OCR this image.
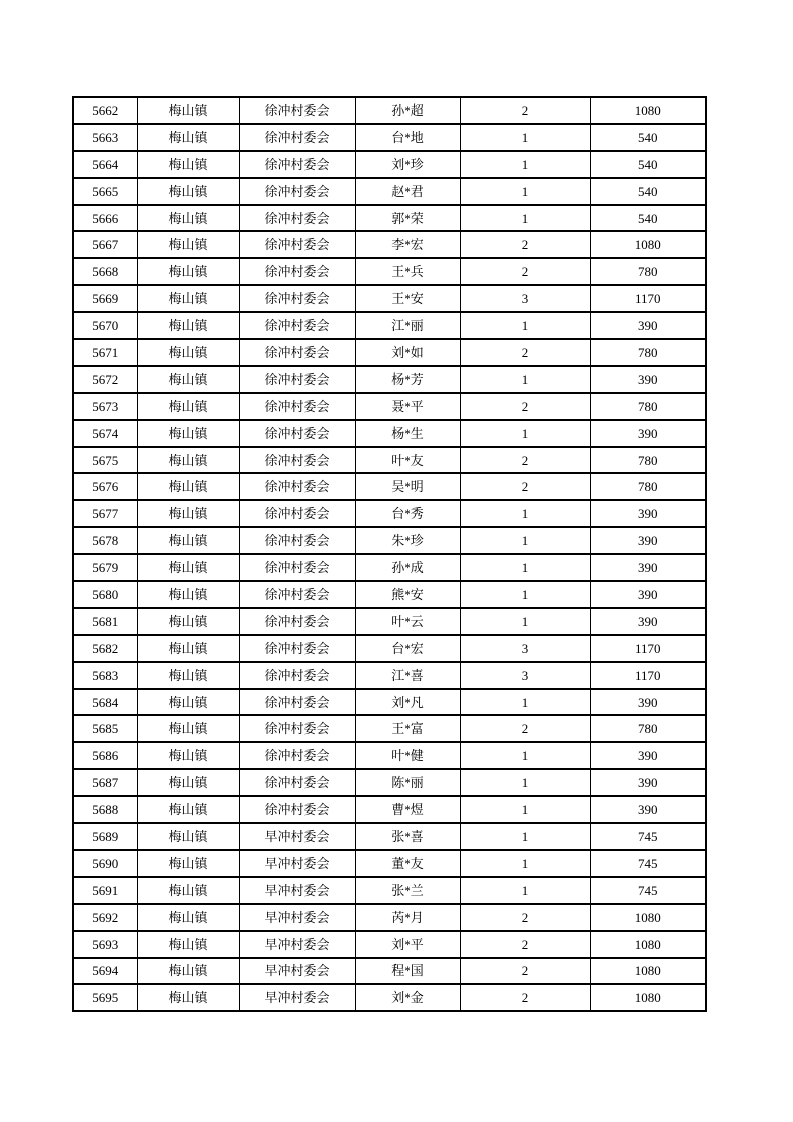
5662	梅山镇	徐冲村委会	孙*超	2	1080
5663	梅山镇	徐冲村委会	台*地	1	540
5664	梅山镇	徐冲村委会	刘*珍	1	540
5665	梅山镇	徐冲村委会	赵*君	1	540
5666	梅山镇	徐冲村委会	郭*荣	1	540
5667	梅山镇	徐冲村委会	李*宏	2	1080
5668	梅山镇	徐冲村委会	王*兵	2	780
5669	梅山镇	徐冲村委会	王*安	3	1170
5670	梅山镇	徐冲村委会	江*丽	1	390
5671	梅山镇	徐冲村委会	刘*如	2	780
5672	梅山镇	徐冲村委会	杨*芳	1	390
5673	梅山镇	徐冲村委会	聂*平	2	780
5674	梅山镇	徐冲村委会	杨*生	1	390
5675	梅山镇	徐冲村委会	叶*友	2	780
5676	梅山镇	徐冲村委会	吴*明	2	780
5677	梅山镇	徐冲村委会	台*秀	1	390
5678	梅山镇	徐冲村委会	朱*珍	1	390
5679	梅山镇	徐冲村委会	孙*成	1	390
5680	梅山镇	徐冲村委会	熊*安	1	390
5681	梅山镇	徐冲村委会	叶*云	1	390
5682	梅山镇	徐冲村委会	台*宏	3	1170
5683	梅山镇	徐冲村委会	江*喜	3	1170
5684	梅山镇	徐冲村委会	刘*凡	1	390
5685	梅山镇	徐冲村委会	王*富	2	780
5686	梅山镇	徐冲村委会	叶*健	1	390
5687	梅山镇	徐冲村委会	陈*丽	1	390
5688	梅山镇	徐冲村委会	曹*煜	1	390
5689	梅山镇	早冲村委会	张*喜	1	745
5690	梅山镇	早冲村委会	董*友	1	745
5691	梅山镇	早冲村委会	张*兰	1	745
5692	梅山镇	早冲村委会	芮*月	2	1080
5693	梅山镇	早冲村委会	刘*平	2	1080
5694	梅山镇	早冲村委会	程*国	2	1080
5695	梅山镇	早冲村委会	刘*金	2	1080
